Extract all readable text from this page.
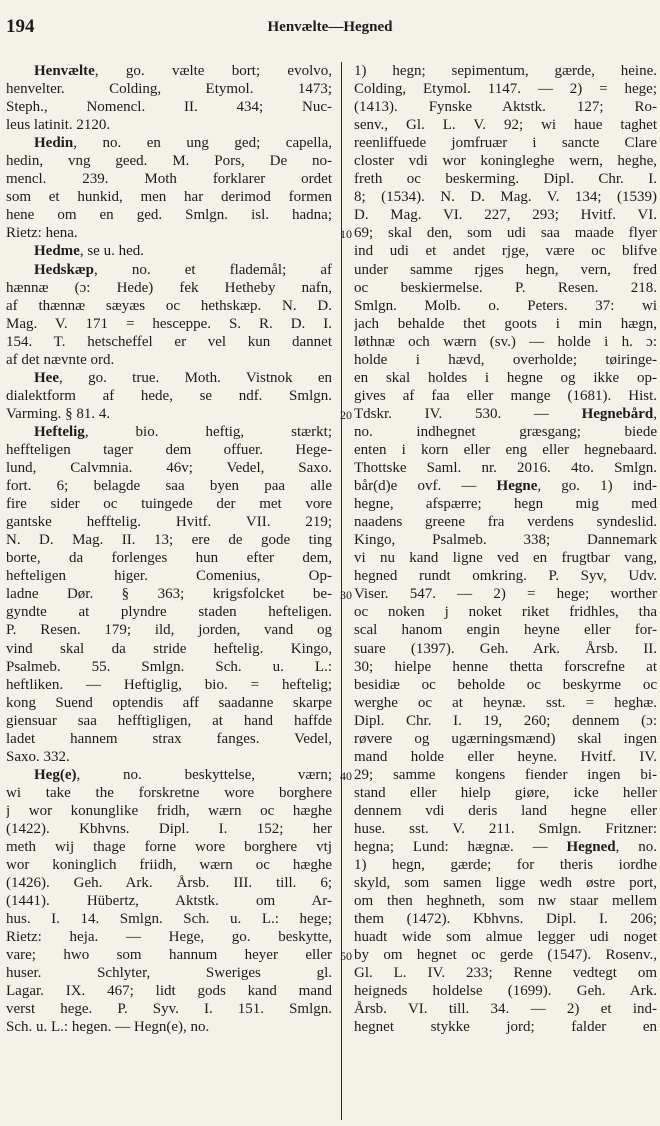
194	Henvælte—Hegned
Henvælte, go. vælte bort; evolvo,
henvelter. Colding, Etymol. 1473;
Steph., Nomencl. II. 434; Nuc-
leus latinit. 2120.
Hedin, no. en ung ged; capella,
hedin, vng geed. M. Pors, De no-
mencl. 239. Moth forklarer ordet
som et hunkid, men har derimod formen
hene om en ged. Smlgn. isl. hadna;
Rietz: hena.
Hedme, se u. hed.
Hedskæp, no. et flademål; af
hænnæ (ɔ: Hede) fek Hetheby nafn,
af thænnæ sæyæs oc hethskæp. N. D.
Mag. V. 171 = hesceppe. S. R. D. I.
154. T. hetscheffel er vel kun dannet
af det nævnte ord.
Hee, go. true. Moth. Vistnok en
dialektform af hede, se ndf. Smlgn.
Varming. § 81. 4.
Heftelig, bio. heftig, stærkt;
heffteligen tager dem offuer. Hege-
lund, Calvmnia. 46v; Vedel, Saxo.
fort. 6; belagde saa byen paa alle
fire sider oc tuingede der met vore
gantske hefftelig. Hvitf. VII. 219;
N. D. Mag. II. 13; ere de gode ting
borte, da forlenges hun efter dem,
hefteligen higer. Comenius, Op-
ladne Dør. § 363; krigsfolcket be-
gyndte at plyndre staden hefteligen.
P. Resen. 179; ild, jorden, vand og
vind skal da stride heftelig. Kingo,
Psalmeb. 55. Smlgn. Sch. u. L.:
heftliken. — Heftiglig, bio. = heftelig;
kong Suend optendis aff saadanne skarpe
giensuar saa hefftigligen, at hand haffde
ladet hannem strax fanges. Vedel,
Saxo. 332.
Heg(e), no. beskyttelse, værn;
wi take the forskretne wore borghere
j wor konunglike fridh, wærn oc hæghe
(1422). Kbhvns. Dipl. I. 152; her
meth wij thage forne wore borghere vtj
wor koninglich friidh, wærn oc hæghe
(1426). Geh. Ark. Årsb. III. till. 6;
(1441). Hübertz, Aktstk. om Ar-
hus. I. 14. Smlgn. Sch. u. L.: hege;
Rietz: heja. — Hege, go. beskytte,
vare; hwo som hannum heyer eller
huser. Schlyter, Sweriges gl.
Lagar. IX. 467; lidt gods kand mand
verst hege. P. Syv. I. 151. Smlgn.
Sch. u. L.: hegen. — Hegn(e), no.
1) hegn; sepimentum, gærde, heine.
Colding, Etymol. 1147. — 2) = hege;
(1413). Fynske Aktstk. 127; Ro-
senv., Gl. L. V. 92; wi haue taghet
reenliffuede jomfruær i sancte Clare
closter vdi wor koningleghe wern, heghe,
freth oc beskerming. Dipl. Chr. I.
8; (1534). N. D. Mag. V. 134; (1539)
D. Mag. VI. 227, 293; Hvitf. VI.
69; skal den, som udi saa maade flyer
ind udi et andet rjge, være oc blifve
under samme rjges hegn, vern, fred
oc beskiermelse. P. Resen. 218.
Smlgn. Molb. o. Peters. 37: wi
jach behalde thet goots i min hægn,
løthnæ och wærn (sv.) — holde i h. ɔ:
holde i hævd, overholde; tøiringe-
en skal holdes i hegne og ikke op-
gives af faa eller mange (1681). Hist.
Tdskr. IV. 530. — Hegnebård,
no. indhegnet græsgang; biede
enten i korn eller eng eller hegnebaard.
Thottske Saml. nr. 2016. 4to. Smlgn.
bår(d)e ovf. — Hegne, go. 1) ind-
hegne, afspærre; hegn mig med
naadens greene fra verdens syndeslid.
Kingo, Psalmeb. 338; Dannemark
vi nu kand ligne ved en frugtbar vang,
hegned rundt omkring. P. Syv, Udv.
Viser. 547. — 2) = hege; worther
oc noken j noket riket fridhles, tha
scal hanom engin heyne eller for-
suare (1397). Geh. Ark. Årsb. II.
30; hielpe henne thetta forscrefne at
besidiæ oc beholde oc beskyrme oc
werghe oc at heynæ. sst. = heghæ.
Dipl. Chr. I. 19, 260; dennem (ɔ:
røvere og ugærningsmænd) skal ingen
mand holde eller heyne. Hvitf. IV.
29; samme kongens fiender ingen bi-
stand eller hielp giøre, icke heller
dennem vdi deris land hegne eller
huse. sst. V. 211. Smlgn. Fritzner:
hegna; Lund: hægnæ. — Hegned, no.
1) hegn, gærde; for theris iordhe
skyld, som samen ligge wedh østre port,
om then heghneth, som nw staar mellem
them (1472). Kbhvns. Dipl. I. 206;
huadt wide som almue legger udi noget
by om hegnet oc gerde (1547). Rosenv.,
Gl. L. IV. 233; Renne vedtegt om
heigneds holdelse (1699). Geh. Ark.
Årsb. VI. till. 34. — 2) et ind-
hegnet stykke jord; falder en
10
20
30
40
50
